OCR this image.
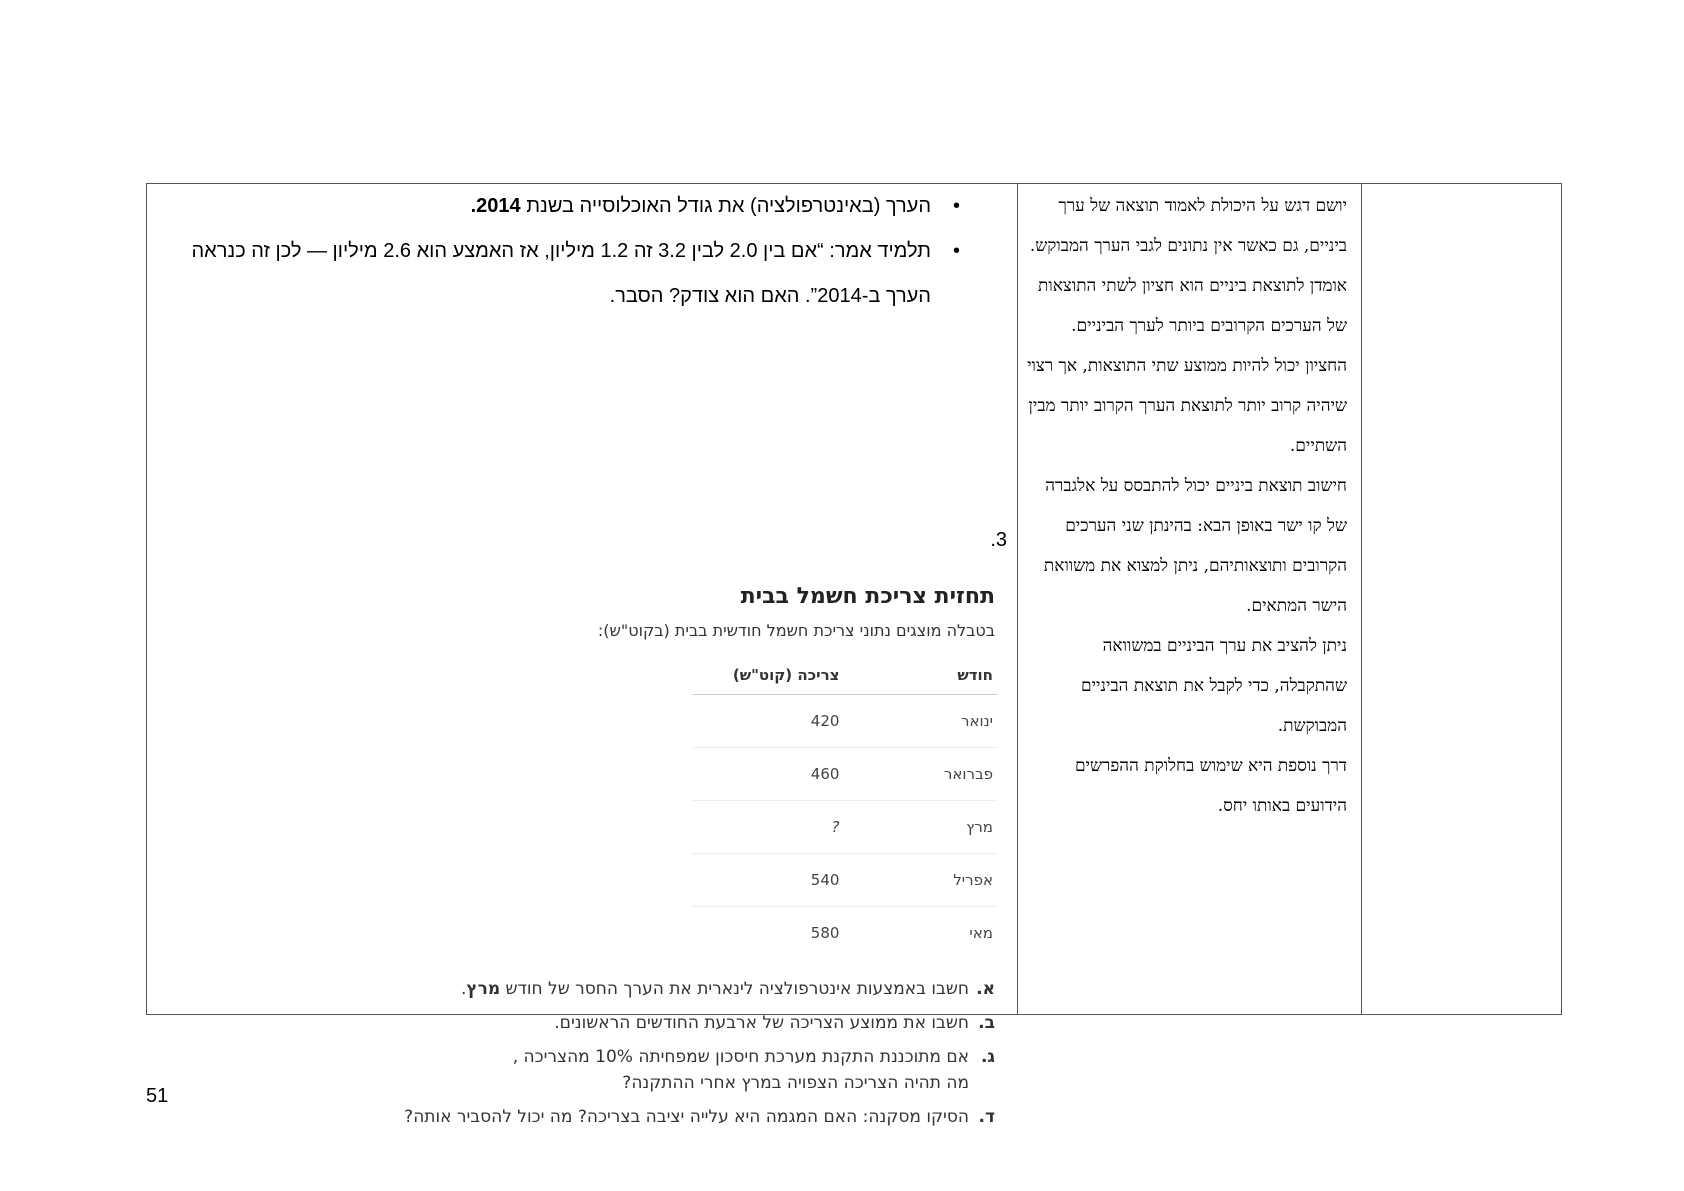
יושם דגש על היכולת לאמוד תוצאה של ערך ביניים, גם כאשר אין נתונים לגבי הערך המבוקש.

אומדן לתוצאת ביניים הוא חציון לשתי התוצאות של הערכים הקרובים ביותר לערך הביניים. החציון יכול להיות ממוצע שתי התוצאות, אך רצוי שיהיה קרוב יותר לתוצאת הערך הקרוב יותר מבין השתיים.

חישוב תוצאת ביניים יכול להתבסס על אלגברה של קו ישר באופן הבא: בהינתן שני הערכים הקרובים ותוצאותיהם, ניתן למצוא את משוואת הישר המתאים.

ניתן להציב את ערך הביניים במשוואה שהתקבלה, כדי לקבל את תוצאת הביניים המבוקשת.

דרך נוספת היא שימוש בחלוקת ההפרשים הידועים באותו יחס.

• הערך (באינטרפולציה) את גודל האוכלוסייה בשנת 2014.
• תלמיד אמר: “אם בין 2.0 לבין 3.2 זה 1.2 מיליון, אז האמצע הוא 2.6 מיליון — לכן זה כנראה הערך ב-2014”. האם הוא צודק? הסבר.
3.
תחזית צריכת חשמל בבית

בטבלה מוצגים נתוני צריכת חשמל חודשית בבית (בקוט"ש):

חודש	צריכה (קוט"ש)
ינואר	420
פברואר	460
מרץ	?
אפריל	540
מאי	580
א.
חשבו באמצעות אינטרפולציה לינארית את הערך החסר של חודש מרץ.
ב.
חשבו את ממוצע הצריכה של ארבעת החודשים הראשונים.
ג.
אם מתוכננת התקנת מערכת חיסכון שמפחיתה 10% מהצריכה ,
מה תהיה הצריכה הצפויה במרץ אחרי ההתקנה?
ד.
הסיקו מסקנה: האם המגמה היא עלייה יציבה בצריכה? מה יכול להסביר אותה?
51
